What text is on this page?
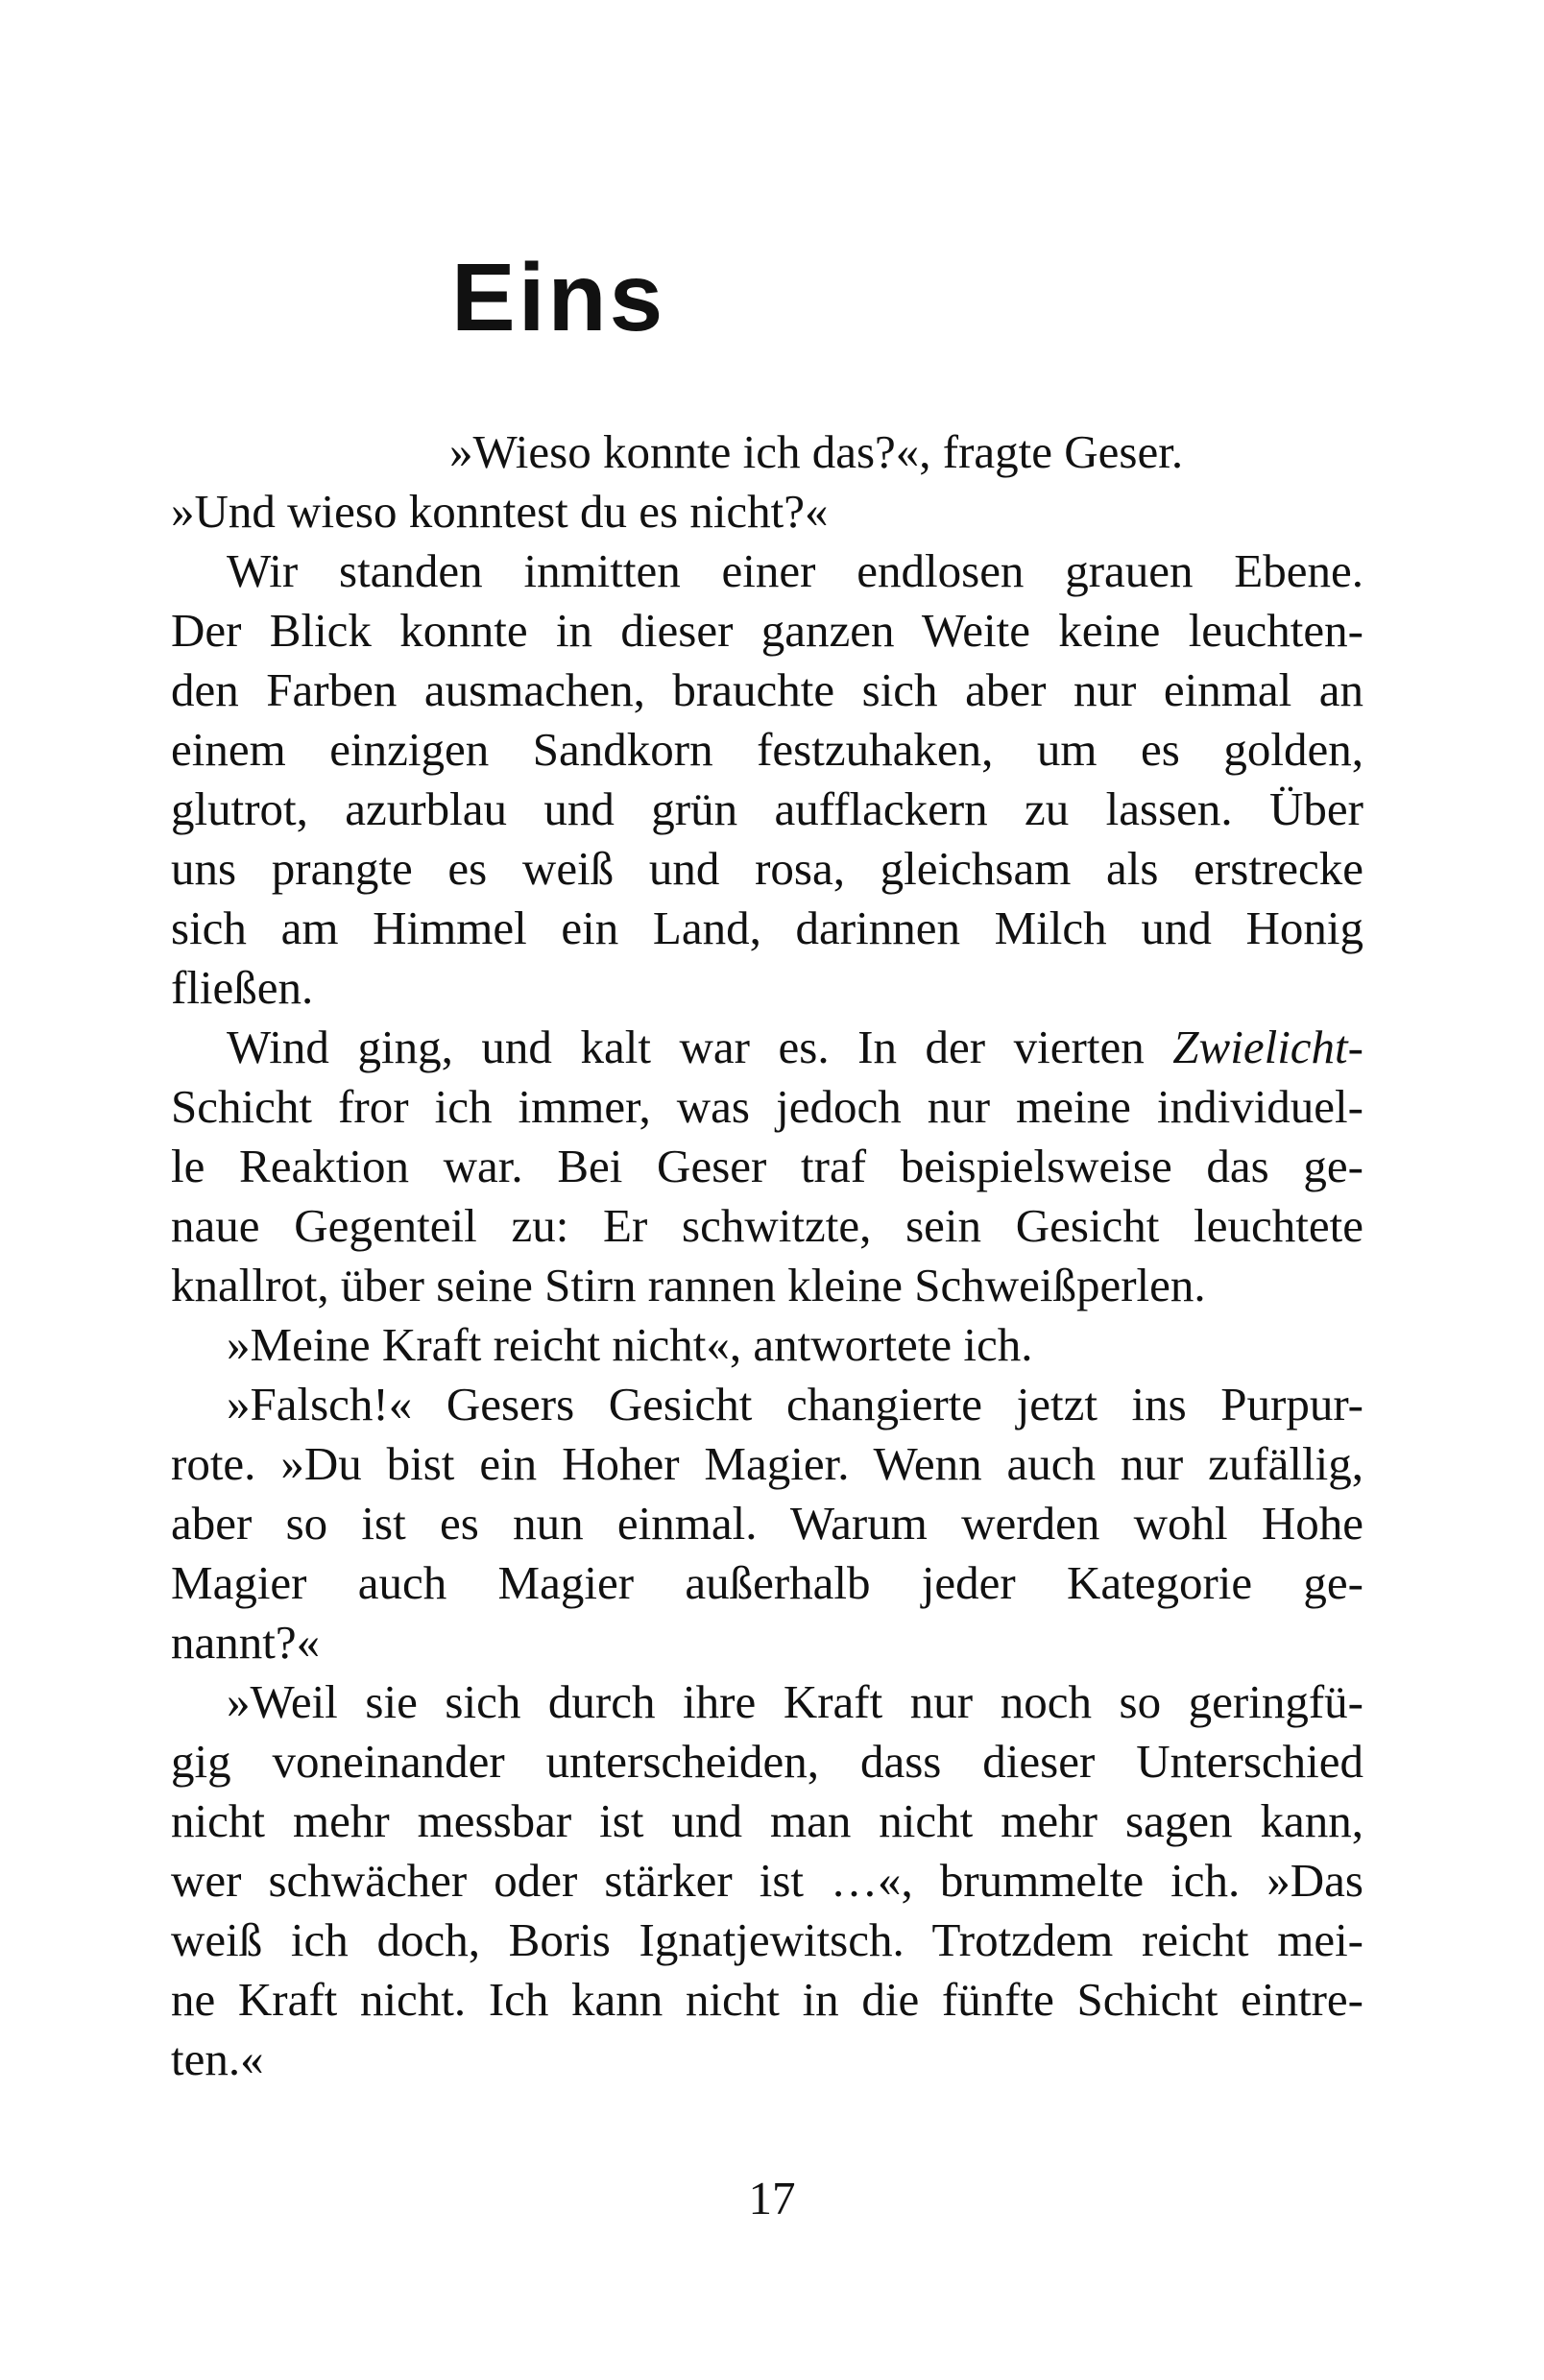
Eins
»Wieso konnte ich das?«, fragte Geser.
»Und wieso konntest du es nicht?«
Wir standen inmitten einer endlosen grauen Ebene.
Der Blick konnte in dieser ganzen Weite keine leuchten-
den Farben ausmachen, brauchte sich aber nur einmal an
einem einzigen Sandkorn festzuhaken, um es golden,
glutrot, azurblau und grün aufflackern zu lassen. Über
uns prangte es weiß und rosa, gleichsam als erstrecke
sich am Himmel ein Land, darinnen Milch und Honig
fließen.
Wind ging, und kalt war es. In der vierten Zwielicht-
Schicht fror ich immer, was jedoch nur meine individuel-
le Reaktion war. Bei Geser traf beispielsweise das ge-
naue Gegenteil zu: Er schwitzte, sein Gesicht leuchtete
knallrot, über seine Stirn rannen kleine Schweißperlen.
»Meine Kraft reicht nicht«, antwortete ich.
»Falsch!« Gesers Gesicht changierte jetzt ins Purpur-
rote. »Du bist ein Hoher Magier. Wenn auch nur zufällig,
aber so ist es nun einmal. Warum werden wohl Hohe
Magier auch Magier außerhalb jeder Kategorie ge-
nannt?«
»Weil sie sich durch ihre Kraft nur noch so geringfü-
gig voneinander unterscheiden, dass dieser Unterschied
nicht mehr messbar ist und man nicht mehr sagen kann,
wer schwächer oder stärker ist …«, brummelte ich. »Das
weiß ich doch, Boris Ignatjewitsch. Trotzdem reicht mei-
ne Kraft nicht. Ich kann nicht in die fünfte Schicht eintre-
ten.«
17
